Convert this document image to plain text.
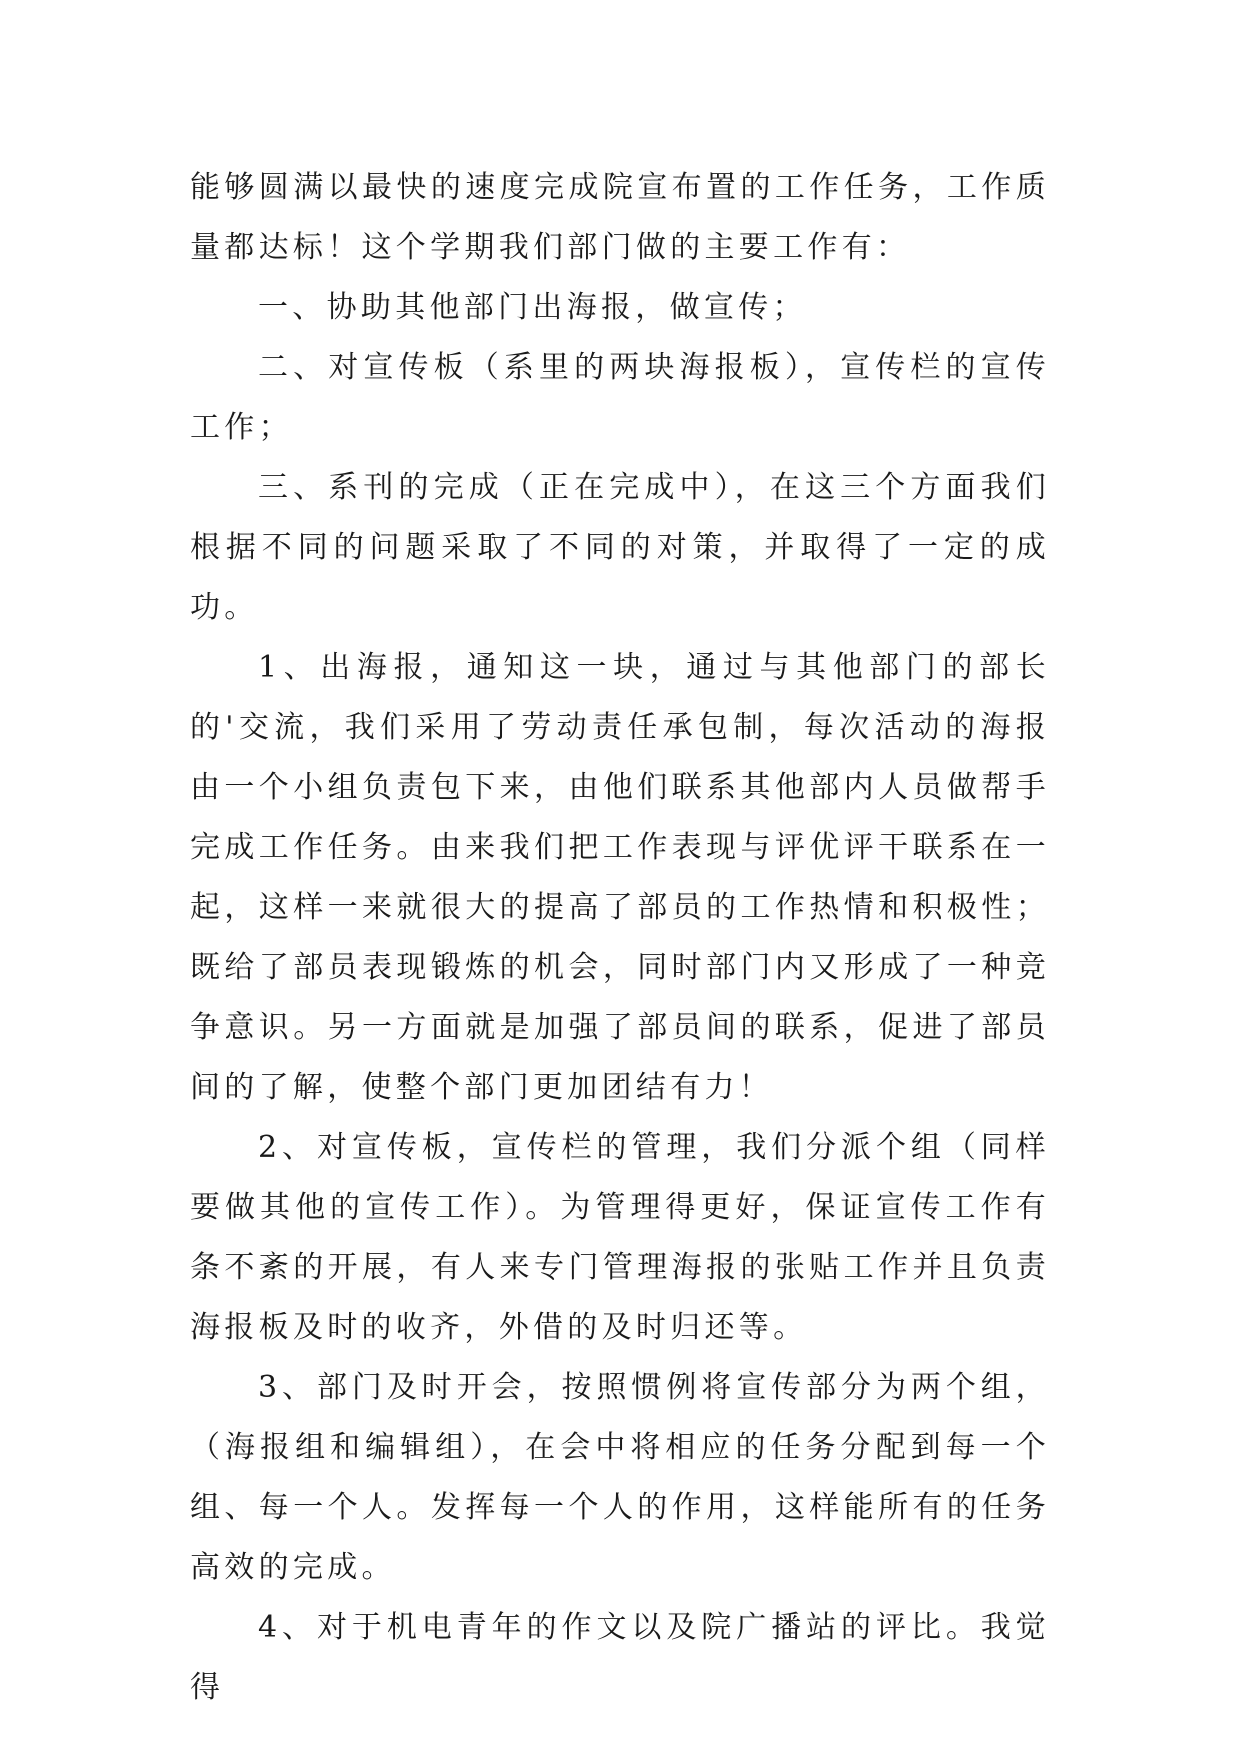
能够圆满以最快的速度完成院宣布置的工作任务，工作质量都达标！这个学期我们部门做的主要工作有：

一、协助其他部门出海报，做宣传；

二、对宣传板（系里的两块海报板），宣传栏的宣传工作；

三、系刊的完成（正在完成中），在这三个方面我们根据不同的问题采取了不同的对策，并取得了一定的成功。

1、出海报，通知这一块，通过与其他部门的部长的'交流，我们采用了劳动责任承包制，每次活动的海报由一个小组负责包下来，由他们联系其他部内人员做帮手完成工作任务。由来我们把工作表现与评优评干联系在一起，这样一来就很大的提高了部员的工作热情和积极性；既给了部员表现锻炼的机会，同时部门内又形成了一种竞争意识。另一方面就是加强了部员间的联系，促进了部员间的了解，使整个部门更加团结有力！

2、对宣传板，宣传栏的管理，我们分派个组（同样要做其他的宣传工作）。为管理得更好，保证宣传工作有条不紊的开展，有人来专门管理海报的张贴工作并且负责海报板及时的收齐，外借的及时归还等。

3、部门及时开会，按照惯例将宣传部分为两个组，（海报组和编辑组），在会中将相应的任务分配到每一个组、每一个人。发挥每一个人的作用，这样能所有的任务高效的完成。

4、对于机电青年的作文以及院广播站的评比。我觉得
